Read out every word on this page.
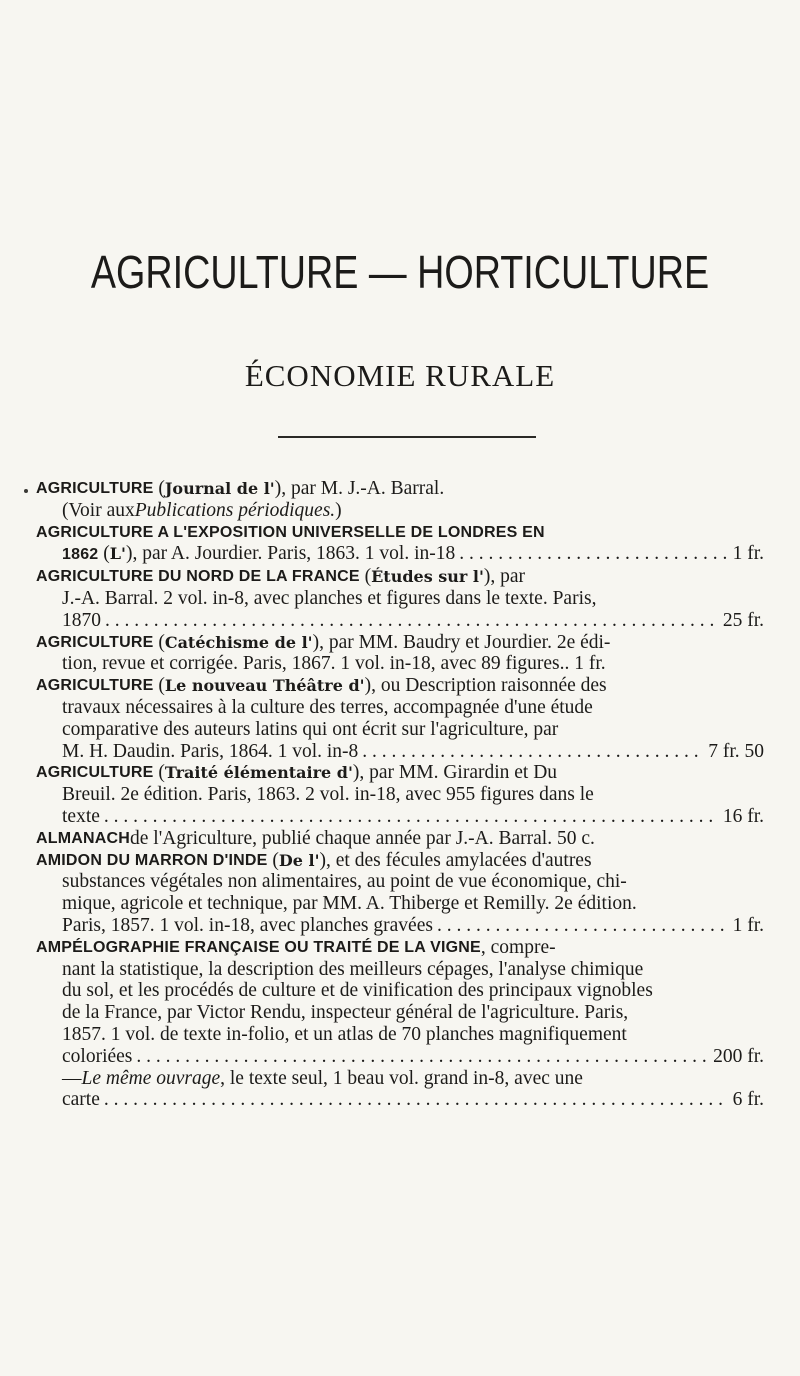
AGRICULTURE — HORTICULTURE
ÉCONOMIE RURALE
AGRICULTURE ( Journal de l' ) , par M. J.-A. Barral.
(Voir aux Publications périodiques. )
AGRICULTURE A L'EXPOSITION UNIVERSELLE DE LONDRES EN
1862 (L'), par A. Jourdier. Paris, 1863. 1 vol. in-18 . . .	1 fr.
AGRICULTURE DU NORD DE LA FRANCE ( Études sur l' ) , par
J.-A. Barral. 2 vol. in-8, avec planches et figures dans le texte. Paris,
1870 . . .	25 fr.
AGRICULTURE ( Catéchisme de l' ) , par MM. Baudry et Jourdier. 2e édi-
tion, revue et corrigée. Paris, 1867. 1 vol. in-18, avec 89 figures.. 1 fr.
AGRICULTURE ( Le nouveau Théâtre d' ) , ou Description raisonnée des
travaux nécessaires à la culture des terres, accompagnée d'une étude
comparative des auteurs latins qui ont écrit sur l'agriculture, par
M. H. Daudin. Paris, 1864. 1 vol. in-8 . . .	7 fr. 50
AGRICULTURE ( Traité élémentaire d' ) , par MM. Girardin et Du
Breuil. 2e édition. Paris, 1863. 2 vol. in-18, avec 955 figures dans le
texte . . .	16 fr.
ALMANACH de l'Agriculture, publié chaque année par J.-A. Barral. 50 c.
AMIDON DU MARRON D'INDE ( De l' ) , et des fécules amylacées d'autres
substances végétales non alimentaires, au point de vue économique, chi-
mique, agricole et technique, par MM. A. Thiberge et Remilly. 2e édition.
Paris, 1857. 1 vol. in-18, avec planches gravées . . .	1 fr.
AMPÉLOGRAPHIE FRANÇAISE OU TRAITÉ DE LA VIGNE , compre-
nant la statistique, la description des meilleurs cépages, l'analyse chimique
du sol, et les procédés de culture et de vinification des principaux vignobles
de la France, par Victor Rendu, inspecteur général de l'agriculture. Paris,
1857. 1 vol. de texte in-folio, et un atlas de 70 planches magnifiquement
coloriées . . .	200 fr.
— Le même ouvrage , le texte seul, 1 beau vol. grand in-8, avec une
carte . . .	6 fr.
